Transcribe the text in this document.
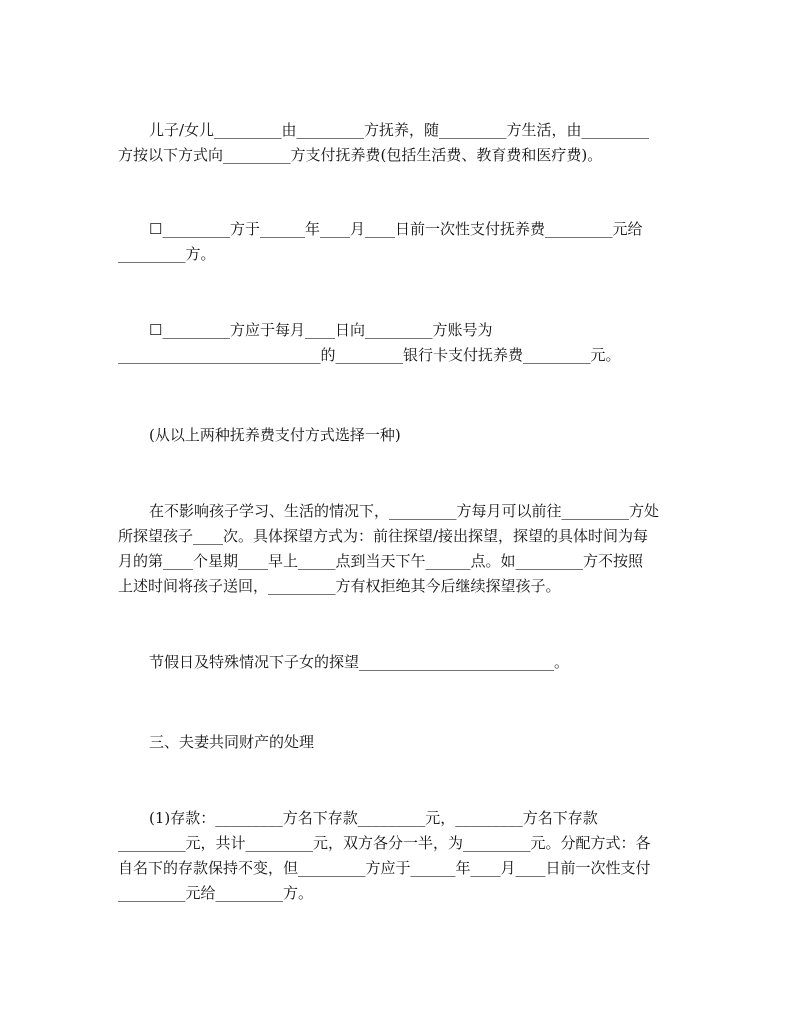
儿子/女儿_________由_________方抚养，随_________方生活，由_________
方按以下方式向_________方支付抚养费(包括生活费、教育费和医疗费)。
☐_________方于______年____月____日前一次性支付抚养费_________元给
_________方。
☐_________方应于每月____日向_________方账号为
___________________________的_________银行卡支付抚养费_________元。
(从以上两种抚养费支付方式选择一种)
在不影响孩子学习、生活的情况下，_________方每月可以前往_________方处
所探望孩子____次。具体探望方式为：前往探望/接出探望，探望的具体时间为每
月的第____个星期____早上_____点到当天下午______点。如_________方不按照
上述时间将孩子送回，_________方有权拒绝其今后继续探望孩子。
节假日及特殊情况下子女的探望__________________________。
三、夫妻共同财产的处理
(1)存款：_________方名下存款_________元，_________方名下存款
_________元，共计_________元，双方各分一半，为_________元。分配方式：各
自名下的存款保持不变，但_________方应于______年____月____日前一次性支付
_________元给_________方。
